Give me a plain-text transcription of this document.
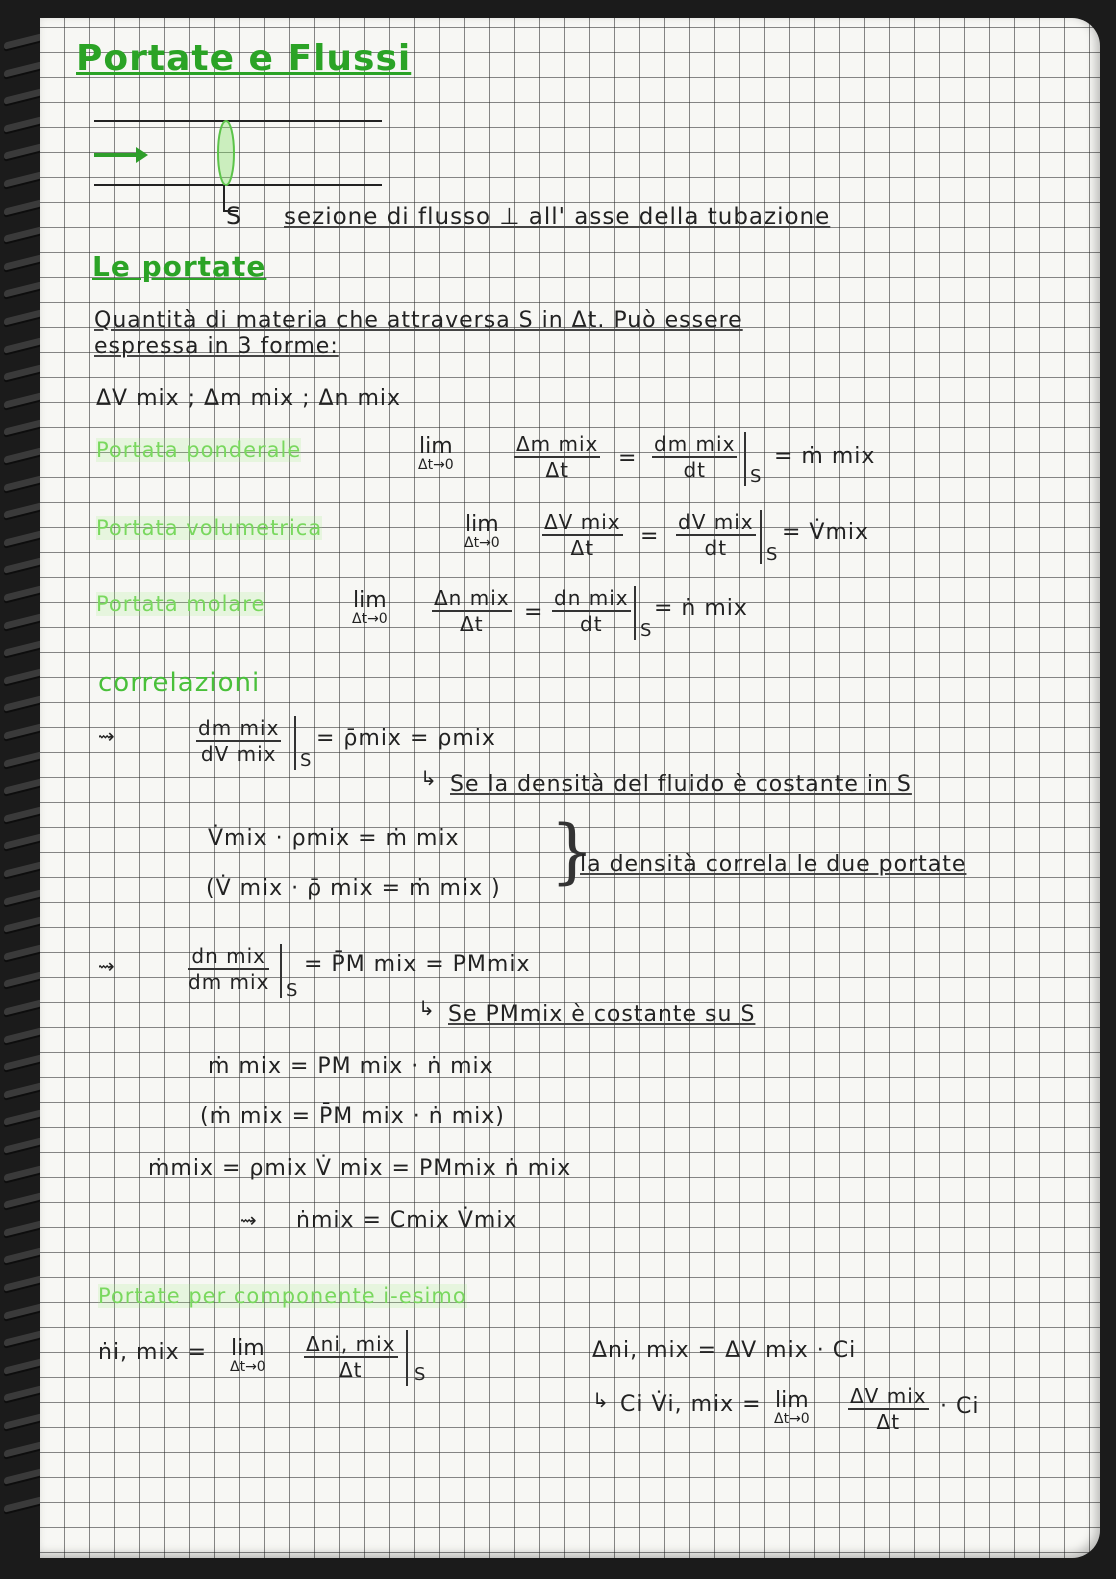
Portate e Flussi
S sezione di flusso ⊥ all' asse della tubazione
Le portate
Quantità di materia che attraversa S in Δt. Può essere
espressa in 3 forme:
ΔV mix ; Δm mix ; Δn mix
Portata ponderale	lim
Δt→0
Δm mix
Δt	=
dm mix
dt	S
= ṁ mix
Portata volumetrica	lim
Δt→0
ΔV mix
Δt	=
dV mix
dt	S
= V̇mix
Portata molare	lim
Δt→0
Δn mix
Δt	=
dn mix
dt	S
= ṅ mix
correlazioni
⇝	dm mix
dV mix S
= ρ̄mix = ρmix
↳ Se la densità del fluido è costante in S
V̇mix · ρmix = ṁ mix
(V̇ mix · ρ̄ mix = ṁ mix ) }
la densità correla le due portate
⇝	dn mix
dm mix S
= P̄M mix = PMmix
↳ Se PMmix è costante su S
ṁ mix = PM mix · ṅ mix
(ṁ mix = P̄M mix · ṅ mix)
ṁmix = ρmix V̇ mix = PMmix ṅ mix
⇝ ṅmix = Cmix V̇mix
Portate per componente i-esimo
ṅi, mix = lim
Δt→0
Δni, mix
Δt	S
Δni, mix = ΔV mix · Ci
↳ Ci V̇i, mix = lim
Δt→0
ΔV mix
Δt
· Ci
